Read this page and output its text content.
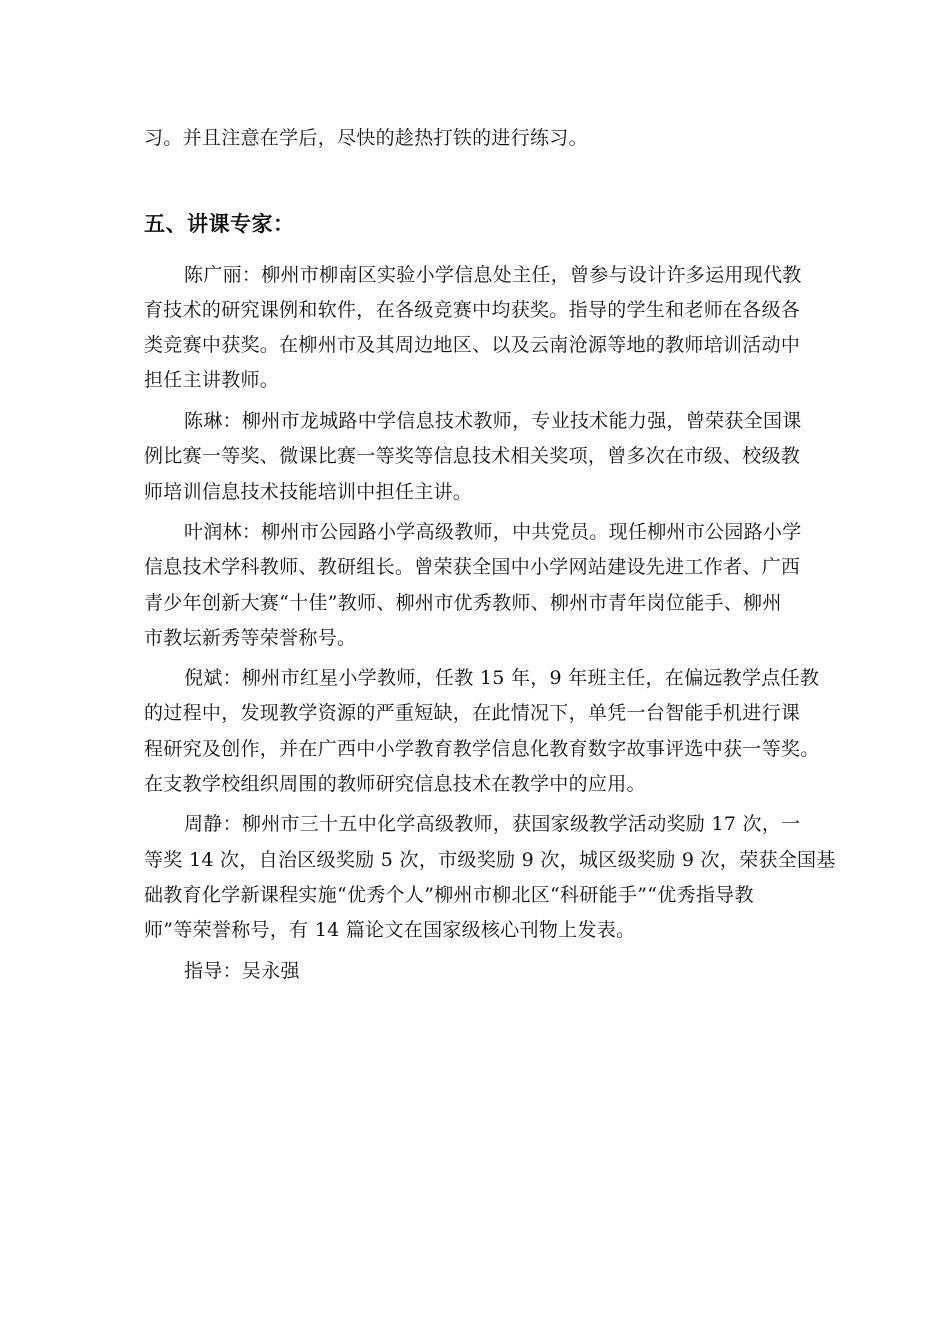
习。并且注意在学后，尽快的趁热打铁的进行练习。
五、讲课专家：
陈广丽：柳州市柳南区实验小学信息处主任，曾参与设计许多运用现代教
育技术的研究课例和软件，在各级竞赛中均获奖。指导的学生和老师在各级各
类竞赛中获奖。在柳州市及其周边地区、以及云南沧源等地的教师培训活动中
担任主讲教师。
陈琳：柳州市龙城路中学信息技术教师，专业技术能力强，曾荣获全国课
例比赛一等奖、微课比赛一等奖等信息技术相关奖项，曾多次在市级、校级教
师培训信息技术技能培训中担任主讲。
叶润林：柳州市公园路小学高级教师，中共党员。现任柳州市公园路小学
信息技术学科教师、教研组长。曾荣获全国中小学网站建设先进工作者、广西
青少年创新大赛“十佳”教师、柳州市优秀教师、柳州市青年岗位能手、柳州
市教坛新秀等荣誉称号。
倪斌：柳州市红星小学教师，任教 15 年，9 年班主任，在偏远教学点任教
的过程中，发现教学资源的严重短缺，在此情况下，单凭一台智能手机进行课
程研究及创作，并在广西中小学教育教学信息化教育数字故事评选中获一等奖。
在支教学校组织周围的教师研究信息技术在教学中的应用。
周静：柳州市三十五中化学高级教师，获国家级教学活动奖励 17 次，一
等奖 14 次，自治区级奖励 5 次，市级奖励 9 次，城区级奖励 9 次，荣获全国基
础教育化学新课程实施“优秀个人”柳州市柳北区“科研能手”“优秀指导教
师”等荣誉称号，有 14 篇论文在国家级核心刊物上发表。
指导：吴永强
